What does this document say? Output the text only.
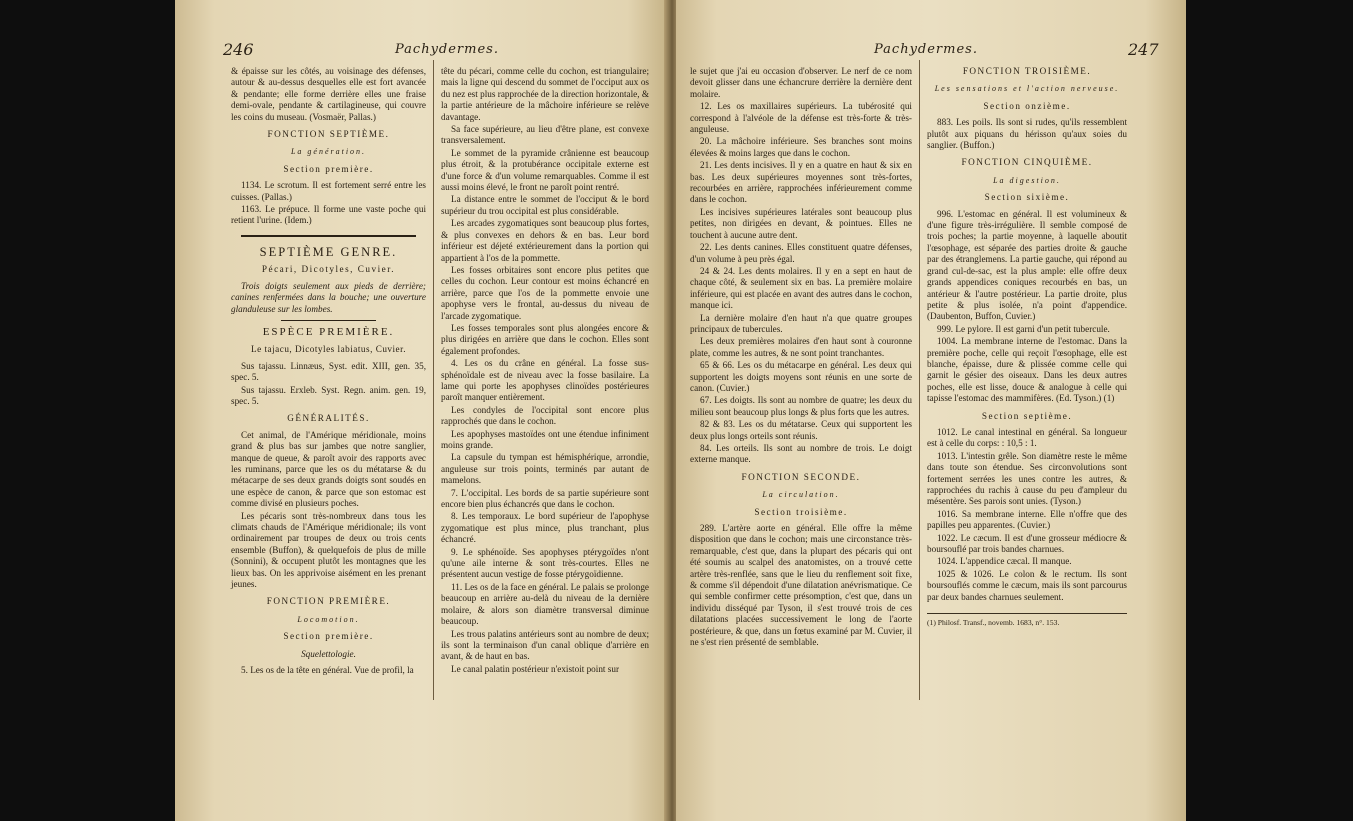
246	Pachydermes.

& épaisse sur les côtés, au voisinage des défenses, autour & au-dessus desquelles elle est fort avancée & pendante; elle forme derrière elles une fraise demi-ovale, pendante & cartilagineuse, qui couvre les coins du museau. (Vosmaër, Pallas.)

FONCTION SEPTIÈME.

La génération.

Section première.

1134. Le scrotum. Il est fortement serré entre les cuisses. (Pallas.)

1163. Le prépuce. Il forme une vaste poche qui retient l'urine. (Idem.)

SEPTIÈME GENRE.

Pécari, Dicotyles, Cuvier.

Trois doigts seulement aux pieds de derrière; canines renfermées dans la bouche; une ouverture glanduleuse sur les lombes.

ESPÈCE PREMIÈRE.

Le tajacu, Dicotyles labiatus, Cuvier.

Sus tajassu. Linnæus, Syst. edit. XIII, gen. 35, spec. 5.

Sus tajassu. Erxleb. Syst. Regn. anim. gen. 19, spec. 5.

GÉNÉRALITÉS.

Cet animal, de l'Amérique méridionale, moins grand & plus bas sur jambes que notre sanglier, manque de queue, & paroît avoir des rapports avec les ruminans, parce que les os du métatarse & du métacarpe de ses deux grands doigts sont soudés en une espèce de canon, & parce que son estomac est comme divisé en plusieurs poches.

Les pécaris sont très-nombreux dans tous les climats chauds de l'Amérique méridionale; ils vont ordinairement par troupes de deux ou trois cents ensemble (Buffon), & quelquefois de plus de mille (Sonnini), & occupent plutôt les montagnes que les lieux bas. On les apprivoise aisément en les prenant jeunes.

FONCTION PREMIÈRE.

Locomotion.

Section première.

Squelettologie.

5. Les os de la tête en général. Vue de profil, la

tête du pécari, comme celle du cochon, est triangulaire; mais la ligne qui descend du sommet de l'occiput aux os du nez est plus rapprochée de la direction horizontale, & la partie antérieure de la mâchoire inférieure se relève davantage.

Sa face supérieure, au lieu d'être plane, est convexe transversalement.

Le sommet de la pyramide crânienne est beaucoup plus étroit, & la protubérance occipitale externe est d'une force & d'un volume remarquables. Comme il est aussi moins élevé, le front ne paroît point rentré.

La distance entre le sommet de l'occiput & le bord supérieur du trou occipital est plus considérable.

Les arcades zygomatiques sont beaucoup plus fortes, & plus convexes en dehors & en bas. Leur bord inférieur est déjeté extérieurement dans la portion qui appartient à l'os de la pommette.

Les fosses orbitaires sont encore plus petites que celles du cochon. Leur contour est moins échancré en arrière, parce que l'os de la pommette envoie une apophyse vers le frontal, au-dessus du niveau de l'arcade zygomatique.

Les fosses temporales sont plus alongées encore & plus dirigées en arrière que dans le cochon. Elles sont également profondes.

4. Les os du crâne en général. La fosse sus-sphénoïdale est de niveau avec la fosse basilaire. La lame qui porte les apophyses clinoïdes postérieures paroît manquer entièrement.

Les condyles de l'occipital sont encore plus rapprochés que dans le cochon.

Les apophyses mastoïdes ont une étendue infiniment moins grande.

La capsule du tympan est hémisphérique, arrondie, anguleuse sur trois points, terminés par autant de mamelons.

7. L'occipital. Les bords de sa partie supérieure sont encore bien plus échancrés que dans le cochon.

8. Les temporaux. Le bord supérieur de l'apophyse zygomatique est plus mince, plus tranchant, plus échancré.

9. Le sphénoïde. Ses apophyses ptérygoïdes n'ont qu'une aile interne & sont très-courtes. Elles ne présentent aucun vestige de fosse ptérygoïdienne.

11. Les os de la face en général. Le palais se prolonge beaucoup en arrière au-delà du niveau de la dernière molaire, & alors son diamètre transversal diminue beaucoup.

Les trous palatins antérieurs sont au nombre de deux; ils sont la terminaison d'un canal oblique d'arrière en avant, & de haut en bas.

Le canal palatin postérieur n'existoit point sur

Pachydermes.	247

le sujet que j'ai eu occasion d'observer. Le nerf de ce nom devoit glisser dans une échancrure derrière la dernière dent molaire.

12. Les os maxillaires supérieurs. La tubérosité qui correspond à l'alvéole de la défense est très-forte & très-anguleuse.

20. La mâchoire inférieure. Ses branches sont moins élevées & moins larges que dans le cochon.

21. Les dents incisives. Il y en a quatre en haut & six en bas. Les deux supérieures moyennes sont très-fortes, recourbées en arrière, rapprochées inférieurement comme dans le cochon.

Les incisives supérieures latérales sont beaucoup plus petites, non dirigées en devant, & pointues. Elles ne touchent à aucune autre dent.

22. Les dents canines. Elles constituent quatre défenses, d'un volume à peu près égal.

24 & 24. Les dents molaires. Il y en a sept en haut de chaque côté, & seulement six en bas. La première molaire inférieure, qui est placée en avant des autres dans le cochon, manque ici.

La dernière molaire d'en haut n'a que quatre groupes principaux de tubercules.

Les deux premières molaires d'en haut sont à couronne plate, comme les autres, & ne sont point tranchantes.

65 & 66. Les os du métacarpe en général. Les deux qui supportent les doigts moyens sont réunis en une sorte de canon. (Cuvier.)

67. Les doigts. Ils sont au nombre de quatre; les deux du milieu sont beaucoup plus longs & plus forts que les autres.

82 & 83. Les os du métatarse. Ceux qui supportent les deux plus longs orteils sont réunis.

84. Les orteils. Ils sont au nombre de trois. Le doigt externe manque.

FONCTION SECONDE.

La circulation.

Section troisième.

289. L'artère aorte en général. Elle offre la même disposition que dans le cochon; mais une circonstance très-remarquable, c'est que, dans la plupart des pécaris qui ont été soumis au scalpel des anatomistes, on a trouvé cette artère très-renflée, sans que le lieu du renflement soit fixe, & comme s'il dépendoit d'une dilatation anévrismatique. Ce qui semble confirmer cette présomption, c'est que, dans un individu disséqué par Tyson, il s'est trouvé trois de ces dilatations placées successivement le long de l'aorte postérieure, & que, dans un fœtus examiné par M. Cuvier, il ne s'est rien présenté de semblable.

FONCTION TROISIÈME.

Les sensations et l'action nerveuse.

Section onzième.

883. Les poils. Ils sont si rudes, qu'ils ressemblent plutôt aux piquans du hérisson qu'aux soies du sanglier. (Buffon.)

FONCTION CINQUIÈME.

La digestion.

Section sixième.

996. L'estomac en général. Il est volumineux & d'une figure très-irrégulière. Il semble composé de trois poches; la partie moyenne, à laquelle aboutit l'œsophage, est séparée des parties droite & gauche par des étranglemens. La partie gauche, qui répond au grand cul-de-sac, est la plus ample: elle offre deux grands appendices coniques recourbés en bas, un antérieur & l'autre postérieur. La partie droite, plus petite & plus isolée, n'a point d'appendice. (Daubenton, Buffon, Cuvier.)

999. Le pylore. Il est garni d'un petit tubercule.

1004. La membrane interne de l'estomac. Dans la première poche, celle qui reçoit l'œsophage, elle est blanche, épaisse, dure & plissée comme celle qui garnit le gésier des oiseaux. Dans les deux autres poches, elle est lisse, douce & analogue à celle qui tapisse l'estomac des mammifères. (Ed. Tyson.) (1)

Section septième.

1012. Le canal intestinal en général. Sa longueur est à celle du corps: : 10,5 : 1.

1013. L'intestin grêle. Son diamètre reste le même dans toute son étendue. Ses circonvolutions sont fortement serrées les unes contre les autres, & rapprochées du rachis à cause du peu d'ampleur du mésentère. Ses parois sont unies. (Tyson.)

1016. Sa membrane interne. Elle n'offre que des papilles peu apparentes. (Cuvier.)

1022. Le cæcum. Il est d'une grosseur médiocre & boursouflé par trois bandes charnues.

1024. L'appendice cæcal. Il manque.

1025 & 1026. Le colon & le rectum. Ils sont boursouflés comme le cæcum, mais ils sont parcourus par deux bandes charnues seulement.

(1) Philosf. Transf., novemb. 1683, n°. 153.
